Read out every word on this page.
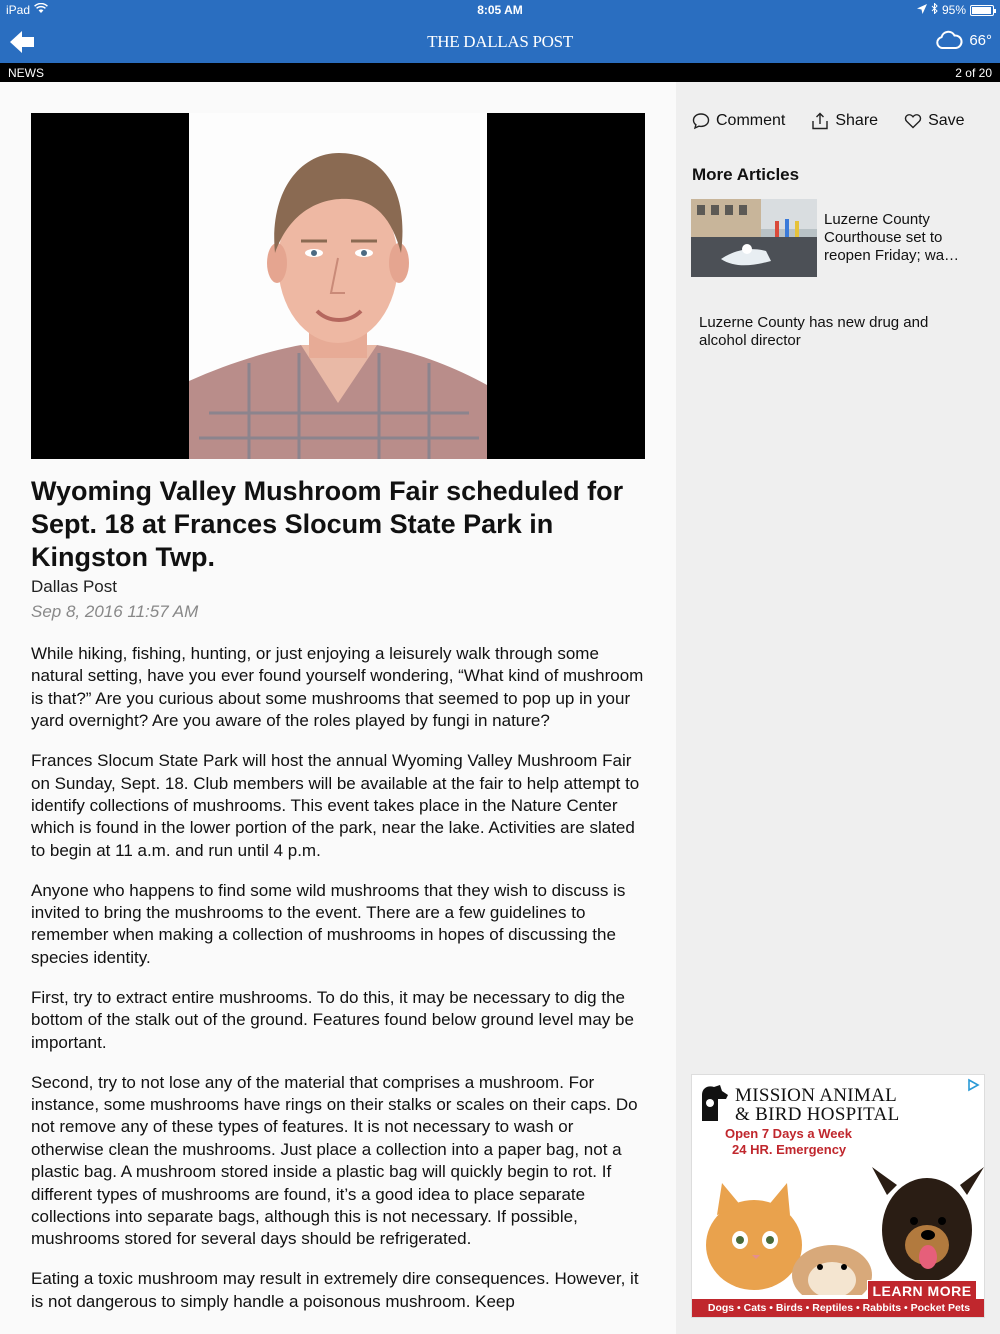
iPad	8:05 AM	95%
THE DALLAS POST	66°
NEWS	2 of 20
Wyoming Valley Mushroom Fair scheduled for Sept. 18 at Frances Slocum State Park in Kingston Twp.
Dallas Post
Sep 8, 2016 11:57 AM

While hiking, fishing, hunting, or just enjoying a leisurely walk through some natural setting, have you ever found yourself wondering, “What kind of mushroom is that?” Are you curious about some mushrooms that seemed to pop up in your yard overnight? Are you aware of the roles played by fungi in nature?

Frances Slocum State Park will host the annual Wyoming Valley Mushroom Fair on Sunday, Sept. 18. Club members will be available at the fair to help attempt to identify collections of mushrooms. This event takes place in the Nature Center which is found in the lower portion of the park, near the lake. Activities are slated to begin at 11 a.m. and run until 4 p.m.

Anyone who happens to find some wild mushrooms that they wish to discuss is invited to bring the mushrooms to the event. There are a few guidelines to remember when making a collection of mushrooms in hopes of discussing the species identity.

First, try to extract entire mushrooms. To do this, it may be necessary to dig the bottom of the stalk out of the ground. Features found below ground level may be important.

Second, try to not lose any of the material that comprises a mushroom. For instance, some mushrooms have rings on their stalks or scales on their caps. Do not remove any of these types of features. It is not necessary to wash or otherwise clean the mushrooms. Just place a collection into a paper bag, not a plastic bag. A mushroom stored inside a plastic bag will quickly begin to rot. If different types of mushrooms are found, it’s a good idea to place separate collections into separate bags, although this is not necessary. If possible, mushrooms stored for several days should be refrigerated.

Eating a toxic mushroom may result in extremely dire consequences. However, it is not dangerous to simply handle a poisonous mushroom. Keep

Comment	Share	Save
More Articles
Luzerne County Courthouse set to reopen Friday; wa…
Luzerne County has new drug and alcohol director
MISSION ANIMAL
& BIRD HOSPITAL
Open 7 Days a Week
24 HR. Emergency
LEARN MORE
Dogs • Cats • Birds • Reptiles • Rabbits • Pocket Pets
